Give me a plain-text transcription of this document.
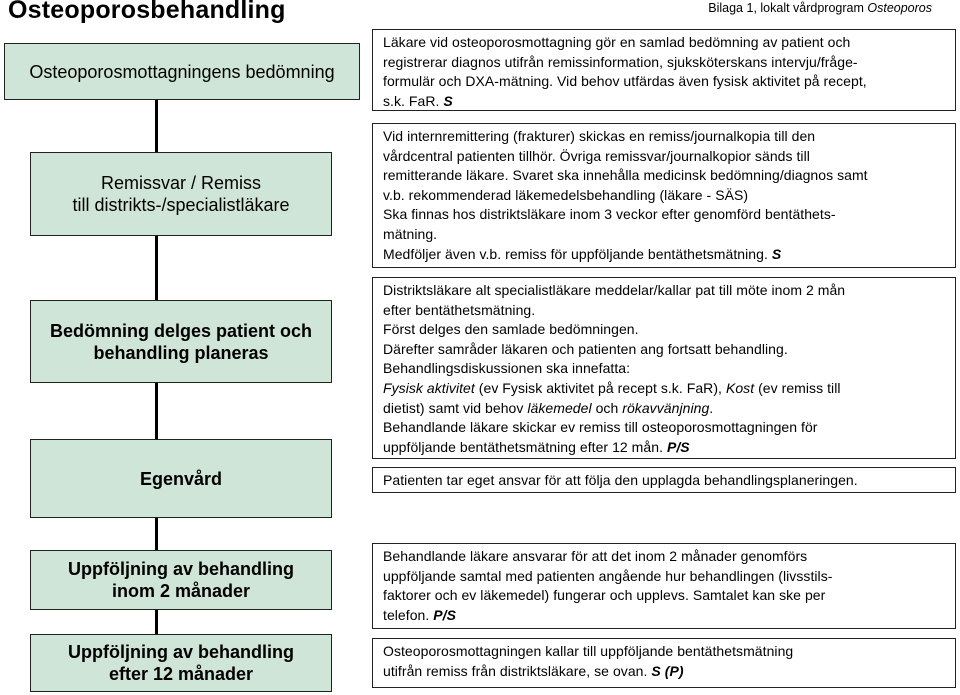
Osteoporosbehandling	Bilaga 1, lokalt vårdprogram Osteoporos
Osteoporosmottagningens bedömning
Remissvar / Remiss
till distrikts-/specialistläkare
Bedömning delges patient och
behandling planeras
Egenvård
Uppföljning av behandling
inom 2 månader
Uppföljning av behandling
efter 12 månader
Läkare vid osteoporosmottagning gör en samlad bedömning av patient och
registrerar diagnos utifrån remissinformation, sjuksköterskans intervju/fråge-
formulär och DXA-mätning. Vid behov utfärdas även fysisk aktivitet på recept,
s.k. FaR. S
Vid internremittering (frakturer) skickas en remiss/journalkopia till den
vårdcentral patienten tillhör. Övriga remissvar/journalkopior sänds till
remitterande läkare. Svaret ska innehålla medicinsk bedömning/diagnos samt
v.b. rekommenderad läkemedelsbehandling (läkare - SÄS)
Ska finnas hos distriktsläkare inom 3 veckor efter genomförd bentäthets-
mätning.
Medföljer även v.b. remiss för uppföljande bentäthetsmätning. S
Distriktsläkare alt specialistläkare meddelar/kallar pat till möte inom 2 mån
efter bentäthetsmätning.
Först delges den samlade bedömningen.
Därefter samråder läkaren och patienten ang fortsatt behandling.
Behandlingsdiskussionen ska innefatta:
Fysisk aktivitet (ev Fysisk aktivitet på recept s.k. FaR), Kost (ev remiss till
dietist) samt vid behov läkemedel och rökavvänjning.
Behandlande läkare skickar ev remiss till osteoporosmottagningen för
uppföljande bentäthetsmätning efter 12 mån. P/S
Patienten tar eget ansvar för att följa den upplagda behandlingsplaneringen.
Behandlande läkare ansvarar för att det inom 2 månader genomförs
uppföljande samtal med patienten angående hur behandlingen (livsstils-
faktorer och ev läkemedel) fungerar och upplevs. Samtalet kan ske per
telefon. P/S
Osteoporosmottagningen kallar till uppföljande bentäthetsmätning
utifrån remiss från distriktsläkare, se ovan. S (P)
